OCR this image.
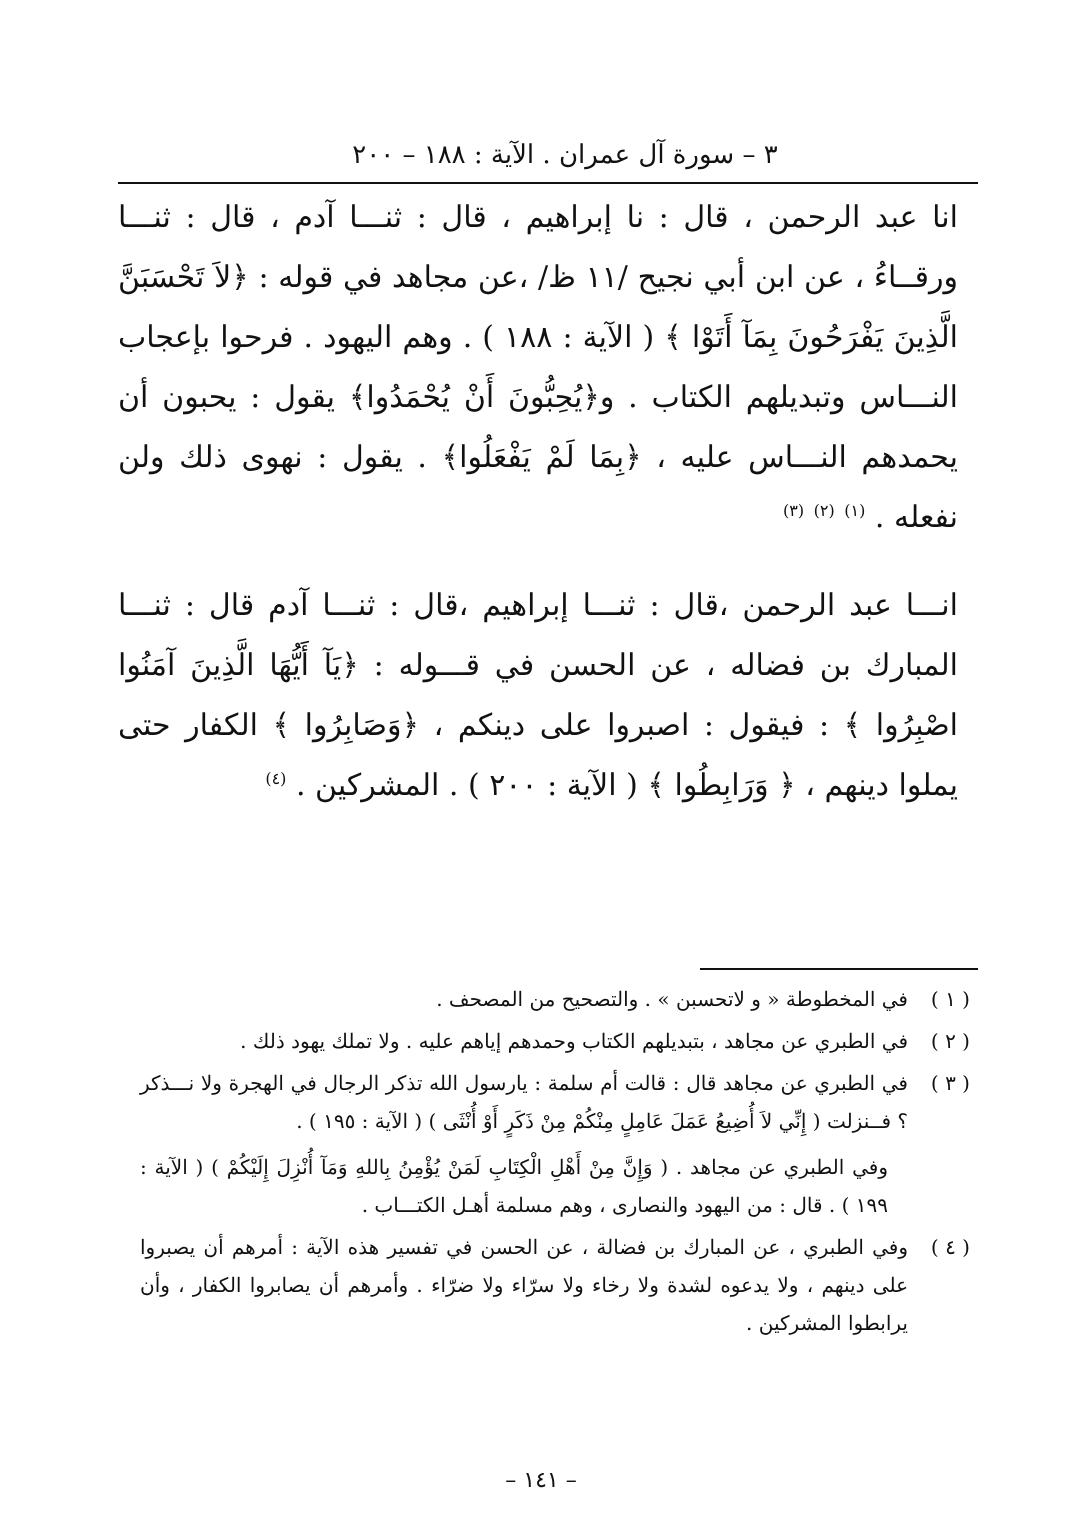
٣ – سورة آل عمران . الآية : ١٨٨ – ٢٠٠

انا عبد الرحمن ، قال : نا إبراهيم ، قال : ثنـــا آدم ، قال : ثنـــا ورقــاءُ ، عن ابن أبي نجيح /١١ ظ/ ،عن مجاهد في قوله : ﴿لاَ تَحْسَبَنَّ الَّذِينَ يَفْرَحُونَ بِمَآ أَتَوْا ﴾ ( الآية : ١٨٨ ) . وهم اليهود . فرحوا بإعجاب النـــاس وتبديلهم الكتاب . و﴿يُحِبُّونَ أَنْ يُحْمَدُوا﴾ يقول : يحبون أن يحمدهم النـــاس عليه ، ﴿بِمَا لَمْ يَفْعَلُوا﴾ . يقول : نهوى ذلك ولن نفعله . $^{(١)}$ $^{(٢)}$ $^{(٣)}$

انـــا عبد الرحمن ،قال : ثنـــا إبراهيم ،قال : ثنـــا آدم قال : ثنـــا المبارك بن فضاله ، عن الحسن في قـــوله : ﴿يَآ أَيُّهَا الَّذِينَ آمَنُوا اصْبِرُوا ﴾ : فيقول : اصبروا على دينكم ، ﴿وَصَابِرُوا ﴾ الكفار حتى يملوا دينهم ، ﴿ وَرَابِطُوا ﴾ ( الآية : ٢٠٠ ) . المشركين . $^{(٤)}$

( ١ )

في المخطوطة « و لاتحسبن » . والتصحيح من المصحف .

( ٢ )

في الطبري عن مجاهد ، بتبديلهم الكتاب وحمدهم إياهم عليه . ولا تملك يهود ذلك .

( ٣ )

في الطبري عن مجاهد قال : قالت أم سلمة : يارسول الله تذكر الرجال في الهجرة ولا نـــذكر ؟ فــنزلت ( إِنِّي لاَ أُضِيعُ عَمَلَ عَامِلٍ مِنْكُمْ مِنْ ذَكَرٍ أَوْ أُنْثَى ) ( الآية : ١٩٥ ) .

وفي الطبري عن مجاهد . ( وَإِنَّ مِنْ أَهْلِ الْكِتَابِ لَمَنْ يُؤْمِنُ بِاللهِ وَمَآ أُنْزِلَ إِلَيْكُمْ ) ( الآية : ١٩٩ ) . قال : من اليهود والنصارى ، وهم مسلمة أهـل الكتـــاب .

( ٤ )

وفي الطبري ، عن المبارك بن فضالة ، عن الحسن في تفسير هذه الآية : أمرهم أن يصبروا على دينهم ، ولا يدعوه لشدة ولا رخاء ولا سرّاء ولا ضرّاء . وأمرهم أن يصابروا الكفار ، وأن يرابطوا المشركين .

– ١٤١ –
